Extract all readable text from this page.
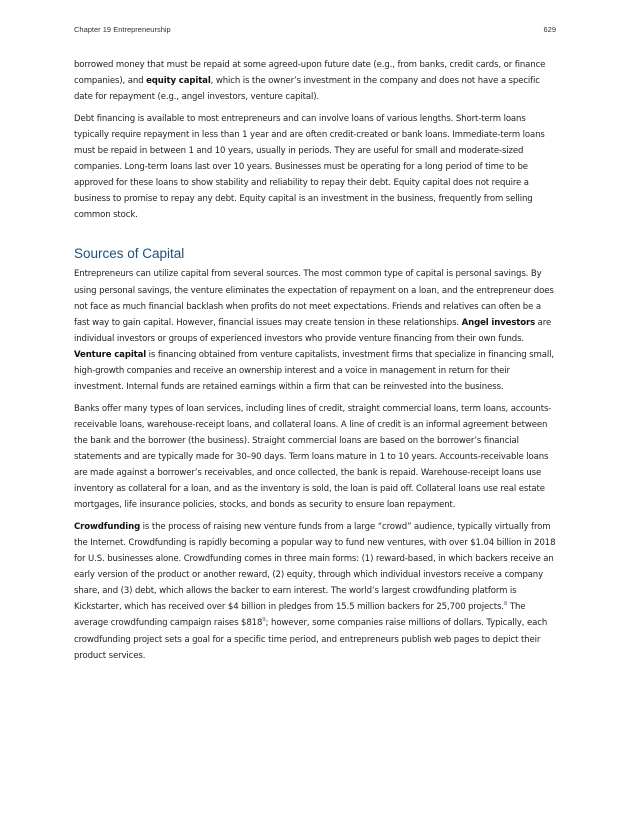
Chapter 19 Entrepreneurship	629

borrowed money that must be repaid at some agreed-upon future date (e.g., from banks, credit cards, or finance companies), and equity capital, which is the owner’s investment in the company and does not have a specific date for repayment (e.g., angel investors, venture capital).

Debt financing is available to most entrepreneurs and can involve loans of various lengths. Short-term loans typically require repayment in less than 1 year and are often credit-created or bank loans. Immediate-term loans must be repaid in between 1 and 10 years, usually in periods. They are useful for small and moderate-sized companies. Long-term loans last over 10 years. Businesses must be operating for a long period of time to be approved for these loans to show stability and reliability to repay their debt. Equity capital does not require a business to promise to repay any debt. Equity capital is an investment in the business, frequently from selling common stock.

Sources of Capital

Entrepreneurs can utilize capital from several sources. The most common type of capital is personal savings. By using personal savings, the venture eliminates the expectation of repayment on a loan, and the entrepreneur does not face as much financial backlash when profits do not meet expectations. Friends and relatives can often be a fast way to gain capital. However, financial issues may create tension in these relationships. Angel investors are individual investors or groups of experienced investors who provide venture financing from their own funds. Venture capital is financing obtained from venture capitalists, investment firms that specialize in financing small, high-growth companies and receive an ownership interest and a voice in management in return for their investment. Internal funds are retained earnings within a firm that can be reinvested into the business.

Banks offer many types of loan services, including lines of credit, straight commercial loans, term loans, accounts-receivable loans, warehouse-receipt loans, and collateral loans. A line of credit is an informal agreement between the bank and the borrower (the business). Straight commercial loans are based on the borrower’s financial statements and are typically made for 30–90 days. Term loans mature in 1 to 10 years. Accounts-receivable loans are made against a borrower’s receivables, and once collected, the bank is repaid. Warehouse-receipt loans use inventory as collateral for a loan, and as the inventory is sold, the loan is paid off. Collateral loans use real estate mortgages, life insurance policies, stocks, and bonds as security to ensure loan repayment.

Crowdfunding is the process of raising new venture funds from a large “crowd” audience, typically virtually from the Internet. Crowdfunding is rapidly becoming a popular way to fund new ventures, with over $1.04 billion in 2018 for U.S. businesses alone. Crowdfunding comes in three main forms: (1) reward-based, in which backers receive an early version of the product or another reward, (2) equity, through which individual investors receive a company share, and (3) debt, which allows the backer to earn interest. The world’s largest crowdfunding platform is Kickstarter, which has received over $4 billion in pledges from 15.5 million backers for 25,700 projects.$^8$ The average crowdfunding campaign raises $\$818^9$; however, some companies raise millions of dollars. Typically, each crowdfunding project sets a goal for a specific time period, and entrepreneurs publish web pages to depict their product services.
